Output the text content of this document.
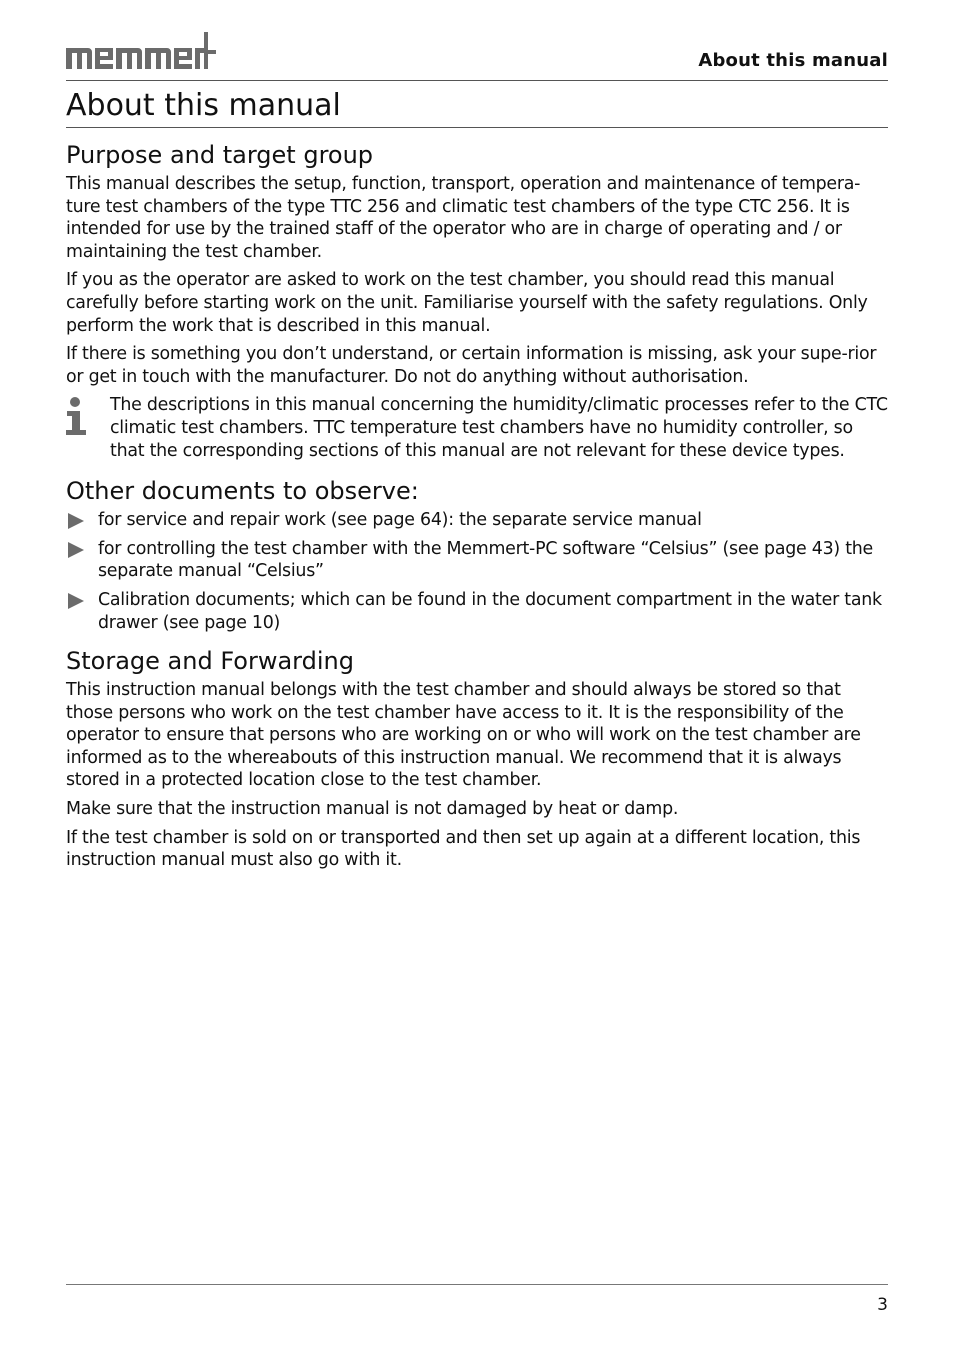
About this manual
About this manual
Purpose and target group

This manual describes the setup, function, transport, operation and maintenance of tempera-ture test chambers of the type TTC 256 and climatic test chambers of the type CTC 256. It is intended for use by the trained staff of the operator who are in charge of operating and / or maintaining the test chamber.

If you as the operator are asked to work on the test chamber, you should read this manual carefully before starting work on the unit. Familiarise yourself with the safety regulations. Only perform the work that is described in this manual.

If there is something you don’t understand, or certain information is missing, ask your supe-rior or get in touch with the manufacturer. Do not do anything without authorisation.

The descriptions in this manual concerning the humidity/climatic processes refer to the CTC climatic test chambers. TTC temperature test chambers have no humidity controller, so that the corresponding sections of this manual are not relevant for these device types.

Other documents to observe:
for service and repair work (see page 64): the separate service manual
for controlling the test chamber with the Memmert-PC software “Celsius” (see page 43) the separate manual “Celsius”
Calibration documents; which can be found in the document compartment in the water tank drawer (see page 10)
Storage and Forwarding

This instruction manual belongs with the test chamber and should always be stored so that those persons who work on the test chamber have access to it. It is the responsibility of the operator to ensure that persons who are working on or who will work on the test chamber are informed as to the whereabouts of this instruction manual. We recommend that it is always stored in a protected location close to the test chamber.

Make sure that the instruction manual is not damaged by heat or damp.

If the test chamber is sold on or transported and then set up again at a different location, this instruction manual must also go with it.

3
